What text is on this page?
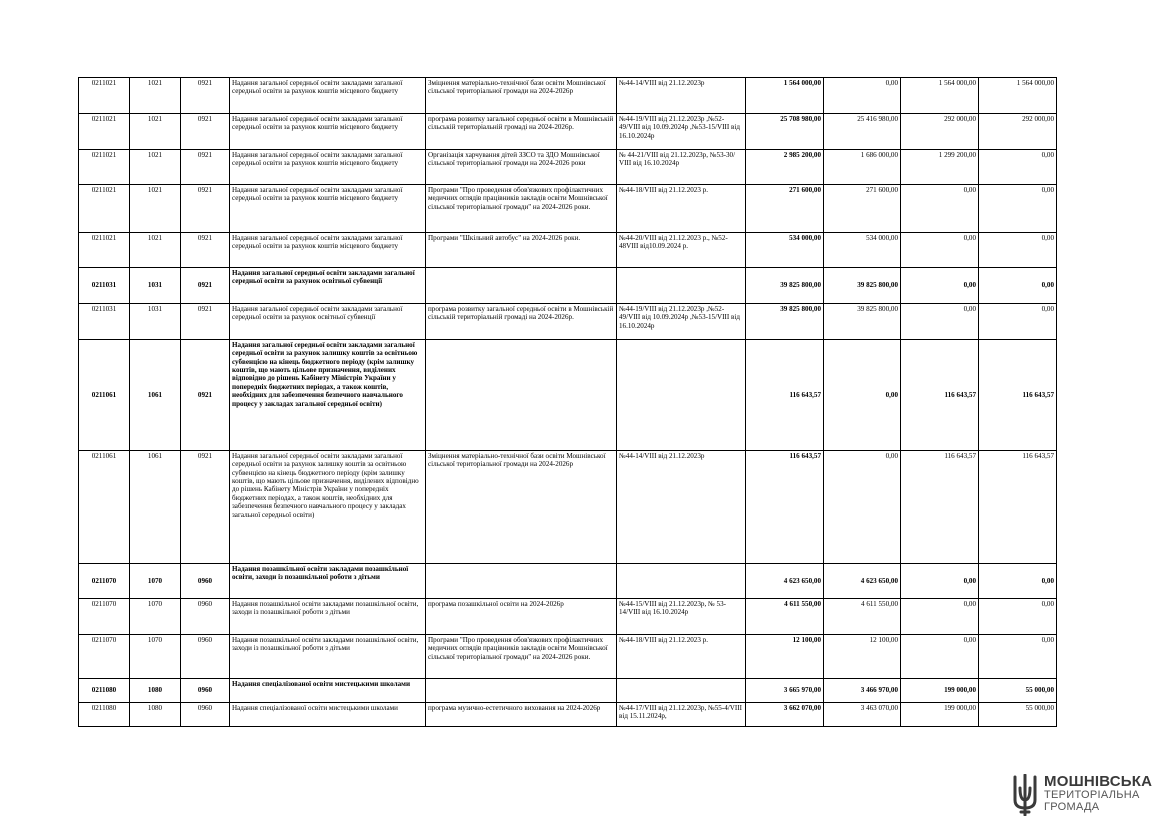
0211021	1021	0921	Надання загальної середньої освіти закладами загальної середньої освіти за рахунок коштів місцевого бюджету	Зміцнення матеріально-технічної бази освіти Мошнівської сільської територіальної громади на 2024-2026р	№44-14/VIII від 21.12.2023р	1 564 000,00	0,00	1 564 000,00	1 564 000,00
0211021	1021	0921	Надання загальної середньої освіти закладами загальної середньої освіти за рахунок коштів місцевого бюджету	програма розвитку загальної середньої освіти в Мошнівській сільській територіальній громаді на 2024-2026р.	№44-19/VIII від 21.12.2023р ,№52-49/VIII від 10.09.2024р ,№53-15/VIII від 16.10.2024р	25 708 980,00	25 416 980,00	292 000,00	292 000,00
0211021	1021	0921	Надання загальної середньої освіти закладами загальної середньої освіти за рахунок коштів місцевого бюджету	Організація харчування дітей ЗЗСО та ЗДО Мошнівської сільської територіальної громади на 2024-2026 роки	№ 44-21/VIII від 21.12.2023р, №53-30/ VIII від 16.10.2024р	2 985 200,00	1 686 000,00	1 299 200,00	0,00
0211021	1021	0921	Надання загальної середньої освіти закладами загальної середньої освіти за рахунок коштів місцевого бюджету	Програми "Про проведення обов'язкових профілактичних медичних оглядів працівників закладів освіти Мошнівської сільської територіальної громади" на 2024-2026 роки.	№44-18/VIII від 21.12.2023 р.	271 600,00	271 600,00	0,00	0,00
0211021	1021	0921	Надання загальної середньої освіти закладами загальної середньої освіти за рахунок коштів місцевого бюджету	Програми "Шкільний автобус" на 2024-2026 роки.	№44-20/VIII від 21.12.2023 р., №52-48VIII від10.09.2024 р.	534 000,00	534 000,00	0,00	0,00
0211031	1031	0921	Надання загальної середньої освіти закладами загальної середньої освіти за рахунок освітньої субвенції			39 825 800,00	39 825 800,00	0,00	0,00
0211031	1031	0921	Надання загальної середньої освіти закладами загальної середньої освіти за рахунок освітньої субвенції	програма розвитку загальної середньої освіти в Мошнівській сільській територіальній громаді на 2024-2026р.	№44-19/VIII від 21.12.2023р ,№52-49/VIII від 10.09.2024р ,№53-15/VIII від 16.10.2024р	39 825 800,00	39 825 800,00	0,00	0,00
0211061	1061	0921	Надання загальної середньої освіти закладами загальної середньої освіти за рахунок залишку коштів за освітньою субвенцією на кінець бюджетного періоду (крім залишку коштів, що мають цільове призначення, виділених відповідно до рішень Кабінету Міністрів України у попередніх бюджетних періодах, а також коштів, необхідних для забезпечення безпечного навчального процесу у закладах загальної середньої освіти)			116 643,57	0,00	116 643,57	116 643,57
0211061	1061	0921	Надання загальної середньої освіти закладами загальної середньої освіти за рахунок залишку коштів за освітньою субвенцією на кінець бюджетного періоду (крім залишку коштів, що мають цільове призначення, виділених відповідно до рішень Кабінету Міністрів України у попередніх бюджетних періодах, а також коштів, необхідних для забезпечення безпечного навчального процесу у закладах загальної середньої освіти)	Зміцнення матеріально-технічної бази освіти Мошнівської сільської територіальної громади на 2024-2026р	№44-14/VIII від 21.12.2023р	116 643,57	0,00	116 643,57	116 643,57
0211070	1070	0960	Надання позашкільної освіти закладами позашкільної освіти, заходи із позашкільної роботи з дітьми			4 623 650,00	4 623 650,00	0,00	0,00
0211070	1070	0960	Надання позашкільної освіти закладами позашкільної освіти, заходи із позашкільної роботи з дітьми	програма позашкільної освіти на 2024-2026р	№44-15/VIII від 21.12.2023р, № 53-14/VIII від 16.10.2024р	4 611 550,00	4 611 550,00	0,00	0,00
0211070	1070	0960	Надання позашкільної освіти закладами позашкільної освіти, заходи із позашкільної роботи з дітьми	Програми "Про проведення обов'язкових профілактичних медичних оглядів працівників закладів освіти Мошнівської сільської територіальної громади" на 2024-2026 роки.	№44-18/VIII від 21.12.2023 р.	12 100,00	12 100,00	0,00	0,00
0211080	1080	0960	Надання спеціалізованої освіти мистецькими школами			3 665 970,00	3 466 970,00	199 000,00	55 000,00
0211080	1080	0960	Надання спеціалізованої освіти мистецькими школами	програма музично-естетичного виховання на 2024-2026р	№44-17/VIII від 21.12.2023р, №55-4/VIII від 15.11.2024р,	3 662 070,00	3 463 070,00	199 000,00	55 000,00
МОШНІВСЬКА
ТЕРИТОРІАЛЬНА
ГРОМАДА
